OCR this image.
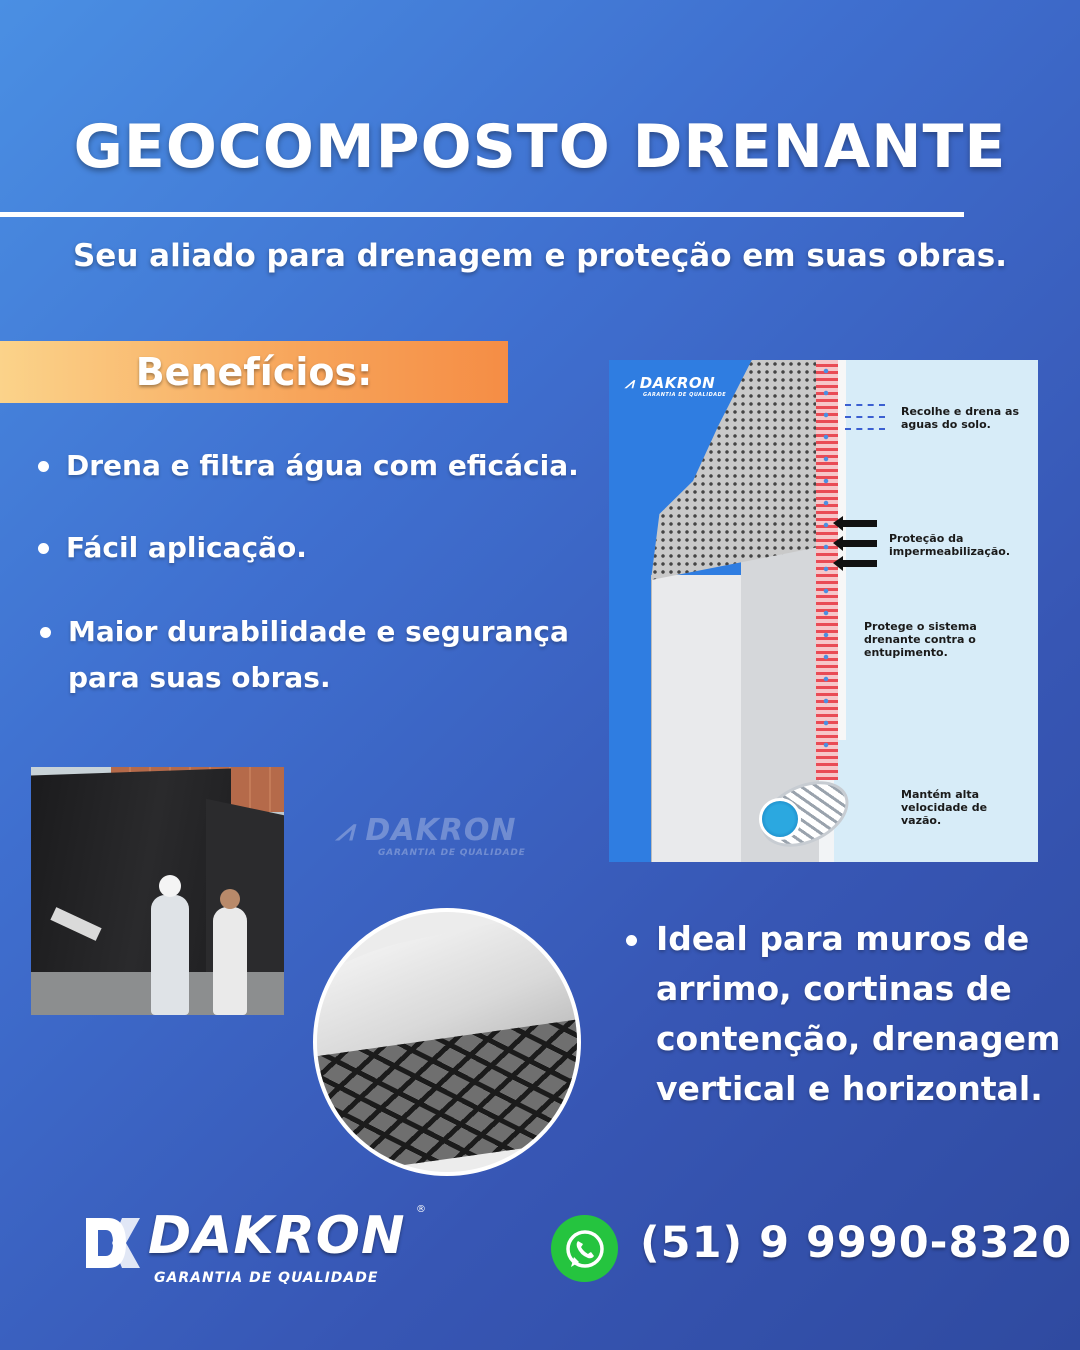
GEOCOMPOSTO DRENANTE
Seu aliado para drenagem e proteção em suas obras.
Benefícios:
Drena e filtra água com eficácia.
Fácil aplicação.
Maior durabilidade e segurança para suas obras.
Ideal para muros de arrimo, cortinas de contenção, drenagem vertical e horizontal.
⩘ DAKRON
GARANTIA DE QUALIDADE
Recolhe e drena as aguas do solo.
Proteção da impermeabilização.
Protege o sistema drenante contra o entupimento.
Mantém alta velocidade de vazão.
⩘ DAKRON
GARANTIA DE QUALIDADE
DAKRON ®
GARANTIA DE QUALIDADE
(51) 9 9990-8320
